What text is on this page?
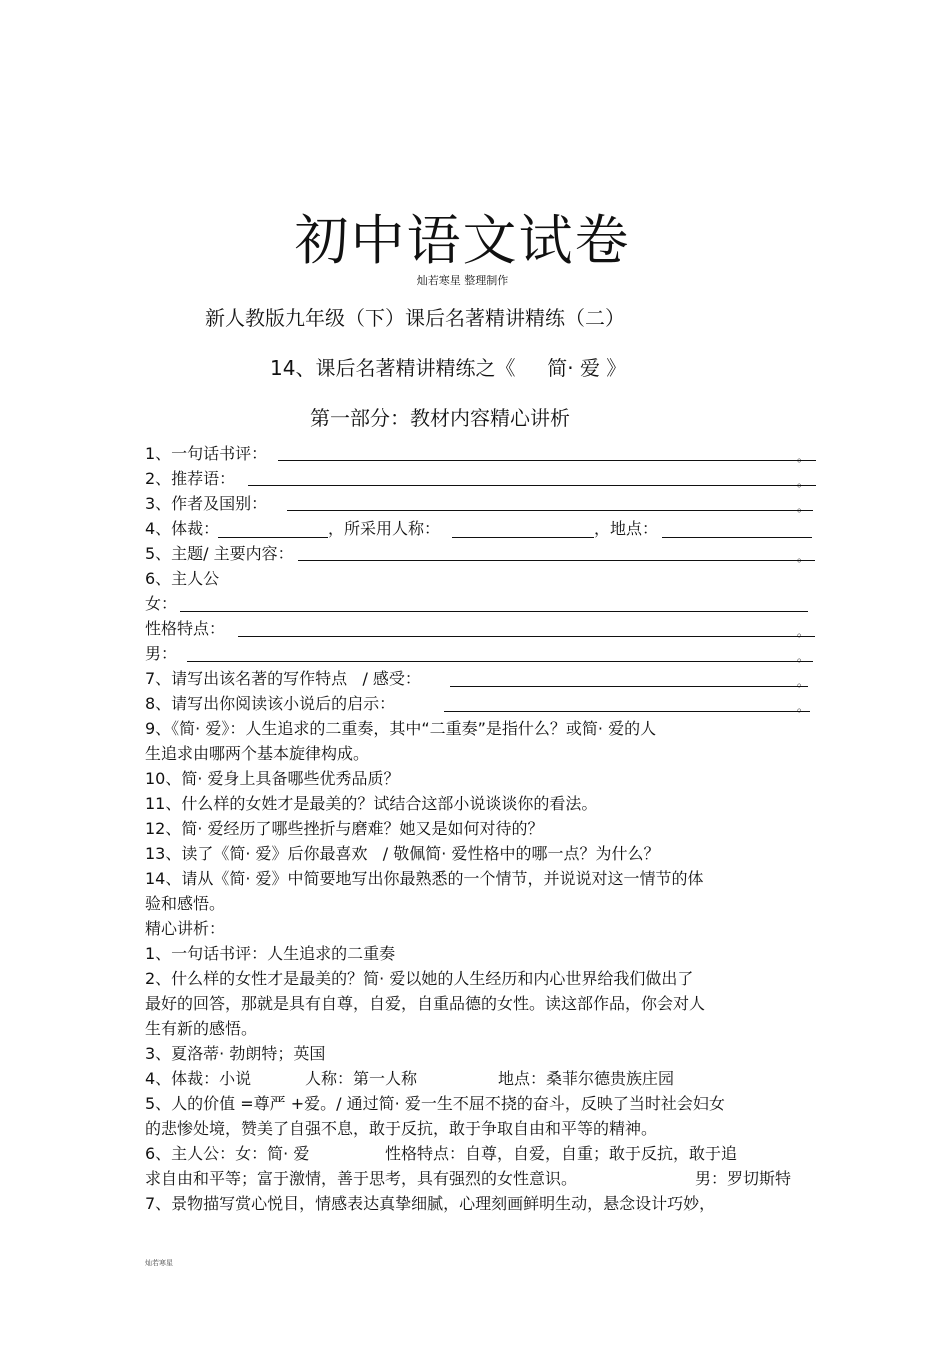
初中语文试卷
灿若寒星 整理制作
新人教版九年级（下）课后名著精讲精练（二）
14、课后名著精讲精练之《     简· 爱 》
第一部分：教材内容精心讲析
1、一句话书评：	。
2、推荐语：	。
3、作者及国别：	。
4、体裁：	，所采用人称：	，地点：
5、主题/ 主要内容：	。
6、主人公
女：
性格特点：	。
男：	。
7、请写出该名著的写作特点   / 感受：	。
8、请写出你阅读该小说后的启示：	。
9、《简· 爱》：人生追求的二重奏，其中“二重奏”是指什么？或简· 爱的人
生追求由哪两个基本旋律构成。
10、简· 爱身上具备哪些优秀品质？
11、什么样的女姓才是最美的？试结合这部小说谈谈你的看法。
12、简· 爱经历了哪些挫折与磨难？她又是如何对待的？
13、读了《简· 爱》后你最喜欢   / 敬佩简· 爱性格中的哪一点？为什么？
14、请从《简· 爱》中简要地写出你最熟悉的一个情节，并说说对这一情节的体
验和感悟。
精心讲析：
1、一句话书评：人生追求的二重奏
2、什么样的女性才是最美的？简· 爱以她的人生经历和内心世界给我们做出了
最好的回答，那就是具有自尊，自爱，自重品德的女性。读这部作品，你会对人
生有新的感悟。
3、夏洛蒂· 勃朗特；英国
4、体裁：小说	人称：第一人称	地点：桑菲尔德贵族庄园
5、人的价值 =尊严 +爱。/ 通过简· 爱一生不屈不挠的奋斗，反映了当时社会妇女
的悲惨处境，赞美了自强不息，敢于反抗，敢于争取自由和平等的精神。
6、主人公：女：简· 爱	性格特点：自尊，自爱，自重；敢于反抗，敢于追
求自由和平等；富于激情，善于思考，具有强烈的女性意识。	男：罗切斯特
7、景物描写赏心悦目，情感表达真挚细腻，心理刻画鲜明生动，悬念设计巧妙，
灿若寒星
